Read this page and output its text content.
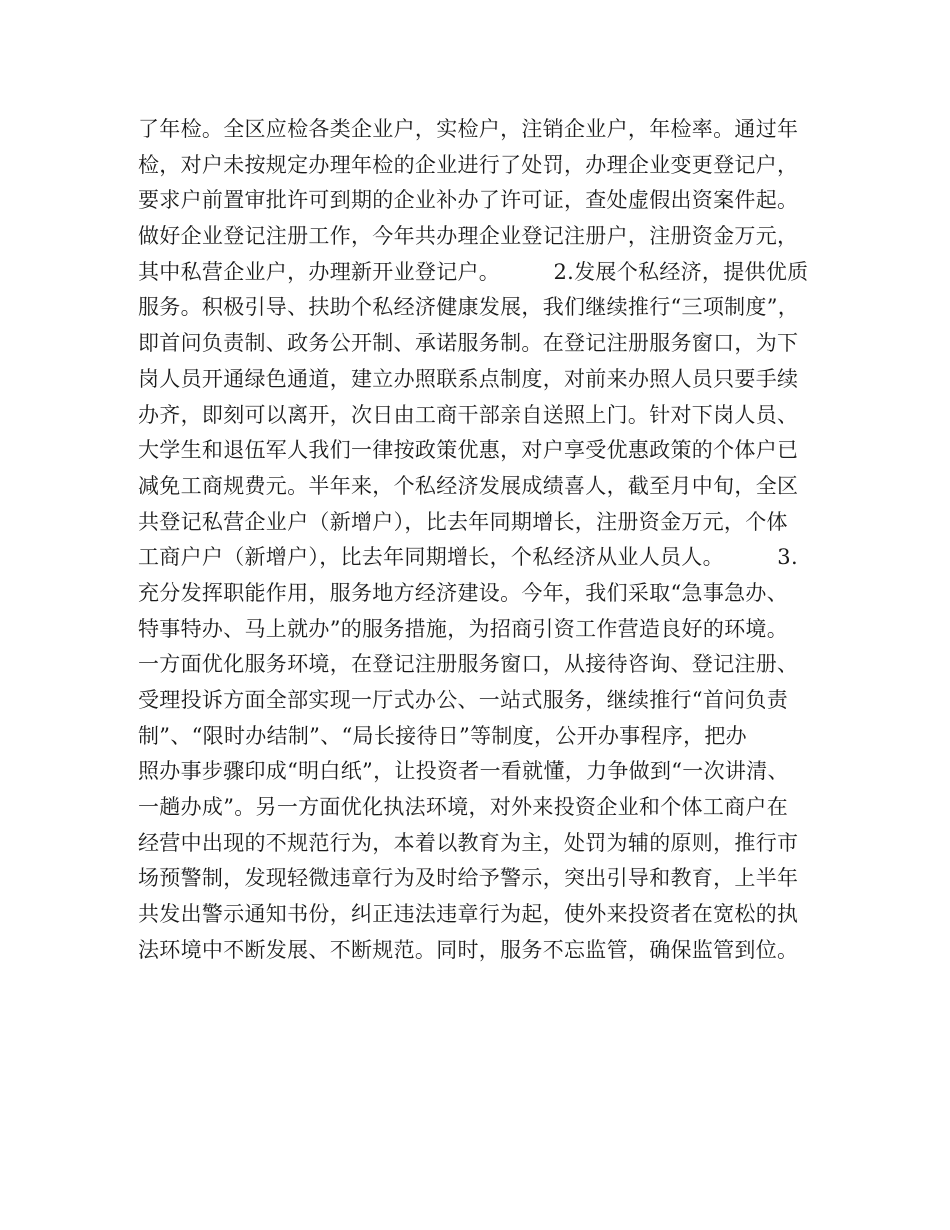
了年检。全区应检各类企业户，实检户，注销企业户，年检率。通过年
检，对户未按规定办理年检的企业进行了处罚，办理企业变更登记户，
要求户前置审批许可到期的企业补办了许可证，查处虚假出资案件起。
做好企业登记注册工作，今年共办理企业登记注册户，注册资金万元，
其中私营企业户，办理新开业登记户。　　　2.发展个私经济，提供优质
服务。积极引导、扶助个私经济健康发展，我们继续推行“三项制度”，
即首问负责制、政务公开制、承诺服务制。在登记注册服务窗口，为下
岗人员开通绿色通道，建立办照联系点制度，对前来办照人员只要手续
办齐，即刻可以离开，次日由工商干部亲自送照上门。针对下岗人员、
大学生和退伍军人我们一律按政策优惠，对户享受优惠政策的个体户已
减免工商规费元。半年来，个私经济发展成绩喜人，截至月中旬，全区
共登记私营企业户（新增户），比去年同期增长，注册资金万元，个体
工商户户（新增户），比去年同期增长，个私经济从业人员人。　　　3.
充分发挥职能作用，服务地方经济建设。今年，我们采取“急事急办、
特事特办、马上就办”的服务措施，为招商引资工作营造良好的环境。
一方面优化服务环境，在登记注册服务窗口，从接待咨询、登记注册、
受理投诉方面全部实现一厅式办公、一站式服务，继续推行“首问负责
制”、“限时办结制”、“局长接待日”等制度，公开办事程序，把办
照办事步骤印成“明白纸”，让投资者一看就懂，力争做到“一次讲清、
一趟办成”。另一方面优化执法环境，对外来投资企业和个体工商户在
经营中出现的不规范行为，本着以教育为主，处罚为辅的原则，推行市
场预警制，发现轻微违章行为及时给予警示，突出引导和教育，上半年
共发出警示通知书份，纠正违法违章行为起，使外来投资者在宽松的执
法环境中不断发展、不断规范。同时，服务不忘监管，确保监管到位。
